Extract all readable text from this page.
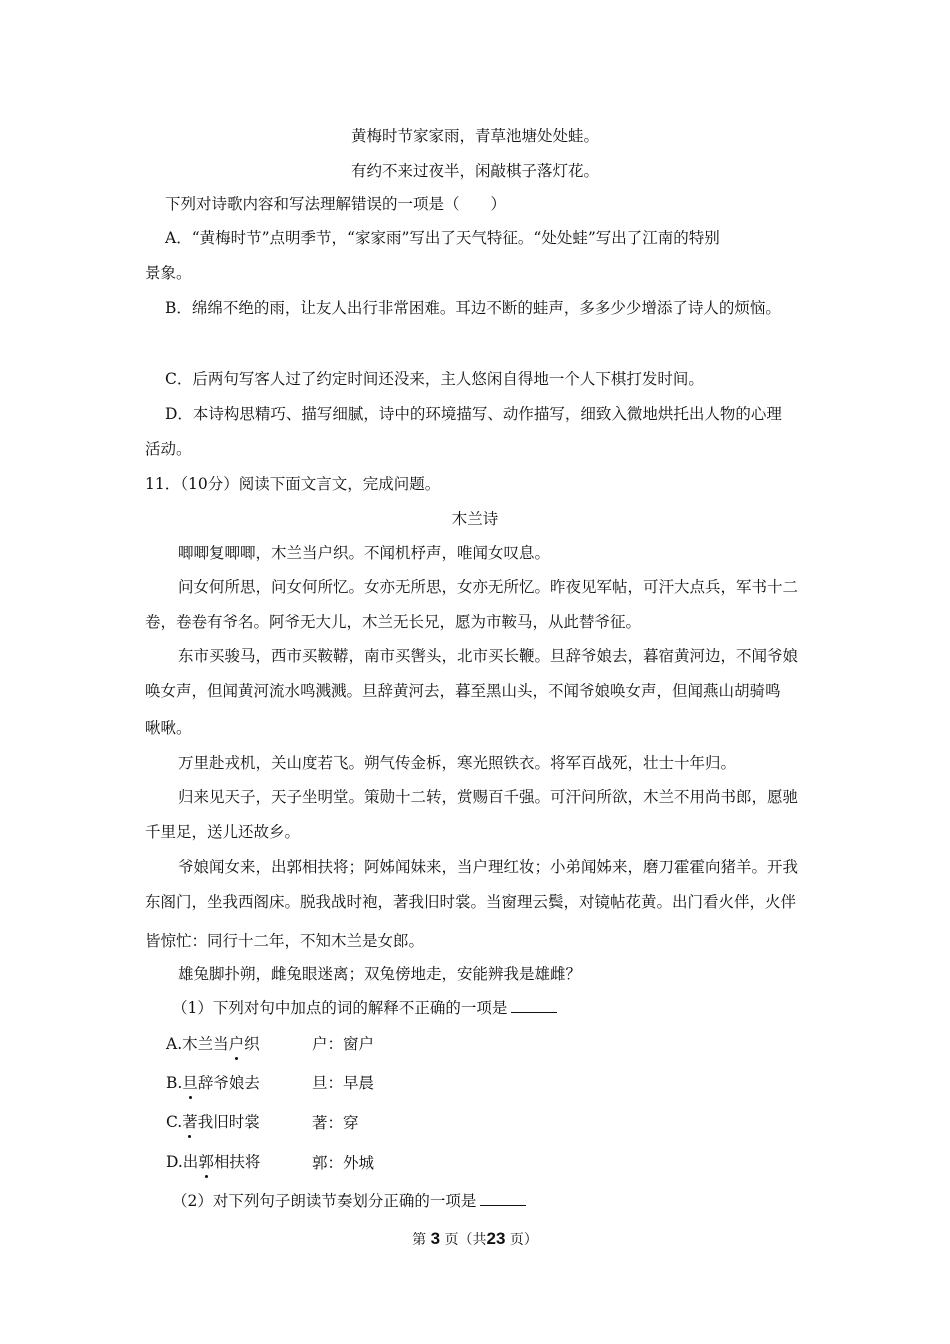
黄梅时节家家雨，青草池塘处处蛙。
有约不来过夜半，闲敲棋子落灯花。
下列对诗歌内容和写法理解错误的一项是（　　）
A．“黄梅时节”点明季节，“家家雨”写出了天气特征。“处处蛙”写出了江南的特别
景象。
B．绵绵不绝的雨，让友人出行非常困难。耳边不断的蛙声，多多少少增添了诗人的烦恼。
C．后两句写客人过了约定时间还没来，主人悠闲自得地一个人下棋打发时间。
D．本诗构思精巧、描写细腻，诗中的环境描写、动作描写，细致入微地烘托出人物的心理
活动。
11．（10分）阅读下面文言文，完成问题。
木兰诗
唧唧复唧唧，木兰当户织。不闻机杼声，唯闻女叹息。
问女何所思，问女何所忆。女亦无所思，女亦无所忆。昨夜见军帖，可汗大点兵，军书十二
卷，卷卷有爷名。阿爷无大儿，木兰无长兄，愿为市鞍马，从此替爷征。
东市买骏马，西市买鞍鞯，南市买辔头，北市买长鞭。旦辞爷娘去，暮宿黄河边，不闻爷娘
唤女声，但闻黄河流水鸣溅溅。旦辞黄河去，暮至黑山头，不闻爷娘唤女声，但闻燕山胡骑鸣
啾啾。
万里赴戎机，关山度若飞。朔气传金柝，寒光照铁衣。将军百战死，壮士十年归。
归来见天子，天子坐明堂。策勋十二转，赏赐百千强。可汗问所欲，木兰不用尚书郎，愿驰
千里足，送儿还故乡。
爷娘闻女来，出郭相扶将；阿姊闻妹来，当户理红妆；小弟闻姊来，磨刀霍霍向猪羊。开我
东阁门，坐我西阁床。脱我战时袍，著我旧时裳。当窗理云鬓，对镜帖花黄。出门看火伴，火伴
皆惊忙：同行十二年，不知木兰是女郎。
雄兔脚扑朔，雌兔眼迷离；双兔傍地走，安能辨我是雄雌？
（1）下列对句中加点的词的解释不正确的一项是
A.木兰当户织	户：窗户
B.旦辞爷娘去	旦：早晨
C.著我旧时裳	著：穿
D.出郭相扶将	郭：外城
（2）对下列句子朗读节奏划分正确的一项是
第 3 页（共23 页）
